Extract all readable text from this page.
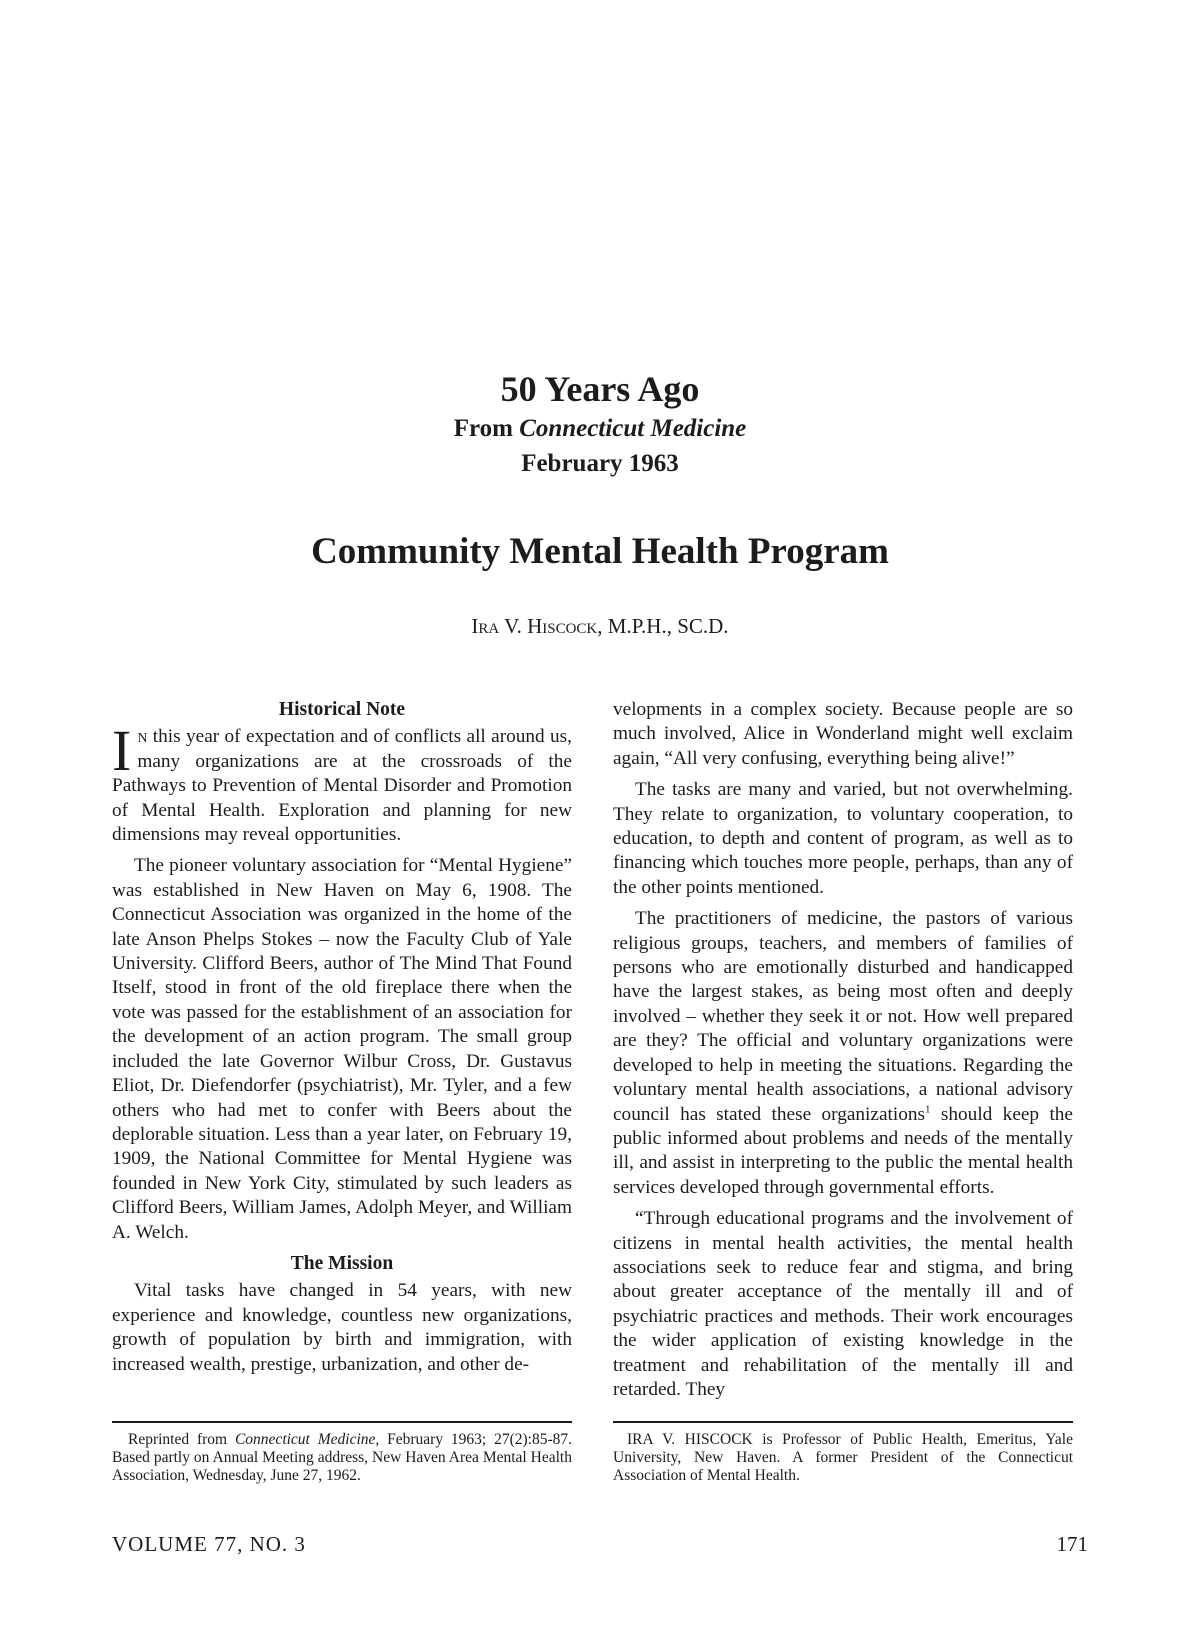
50 Years Ago
From Connecticut Medicine
February 1963
Community Mental Health Program
Ira V. Hiscock, M.P.H., SC.D.
Historical Note

In this year of expectation and of conflicts all around us, many organizations are at the crossroads of the Pathways to Prevention of Mental Disorder and Promotion of Mental Health. Exploration and planning for new dimensions may reveal opportunities.

The pioneer voluntary association for “Mental Hygiene” was established in New Haven on May 6, 1908. The Connecticut Association was organized in the home of the late Anson Phelps Stokes – now the Faculty Club of Yale University. Clifford Beers, author of The Mind That Found Itself, stood in front of the old fireplace there when the vote was passed for the establishment of an association for the development of an action program. The small group included the late Governor Wilbur Cross, Dr. Gustavus Eliot, Dr. Diefendorfer (psychiatrist), Mr. Tyler, and a few others who had met to confer with Beers about the deplorable situation. Less than a year later, on February 19, 1909, the National Committee for Mental Hygiene was founded in New York City, stimulated by such leaders as Clifford Beers, William James, Adolph Meyer, and William A. Welch.

The Mission

Vital tasks have changed in 54 years, with new experience and knowledge, countless new organizations, growth of population by birth and immigration, with increased wealth, prestige, urbanization, and other de-

velopments in a complex society. Because people are so much involved, Alice in Wonderland might well exclaim again, “All very confusing, everything being alive!”

The tasks are many and varied, but not overwhelming. They relate to organization, to voluntary cooperation, to education, to depth and content of program, as well as to financing which touches more people, perhaps, than any of the other points mentioned.

The practitioners of medicine, the pastors of various religious groups, teachers, and members of families of persons who are emotionally disturbed and handicapped have the largest stakes, as being most often and deeply involved – whether they seek it or not. How well prepared are they? The official and voluntary organizations were developed to help in meeting the situations. Regarding the voluntary mental health associations, a national advisory council has stated these organizations$^1$ should keep the public informed about problems and needs of the mentally ill, and assist in interpreting to the public the mental health services developed through governmental efforts.

“Through educational programs and the involvement of citizens in mental health activities, the mental health associations seek to reduce fear and stigma, and bring about greater acceptance of the mentally ill and of psychiatric practices and methods. Their work encourages the wider application of existing knowledge in the treatment and rehabilitation of the mentally ill and retarded. They

Reprinted from Connecticut Medicine, February 1963; 27(2):85-87. Based partly on Annual Meeting address, New Haven Area Mental Health Association, Wednesday, June 27, 1962.
IRA V. HISCOCK is Professor of Public Health, Emeritus, Yale University, New Haven. A former President of the Connecticut Association of Mental Health.
VOLUME 77, NO. 3	171
